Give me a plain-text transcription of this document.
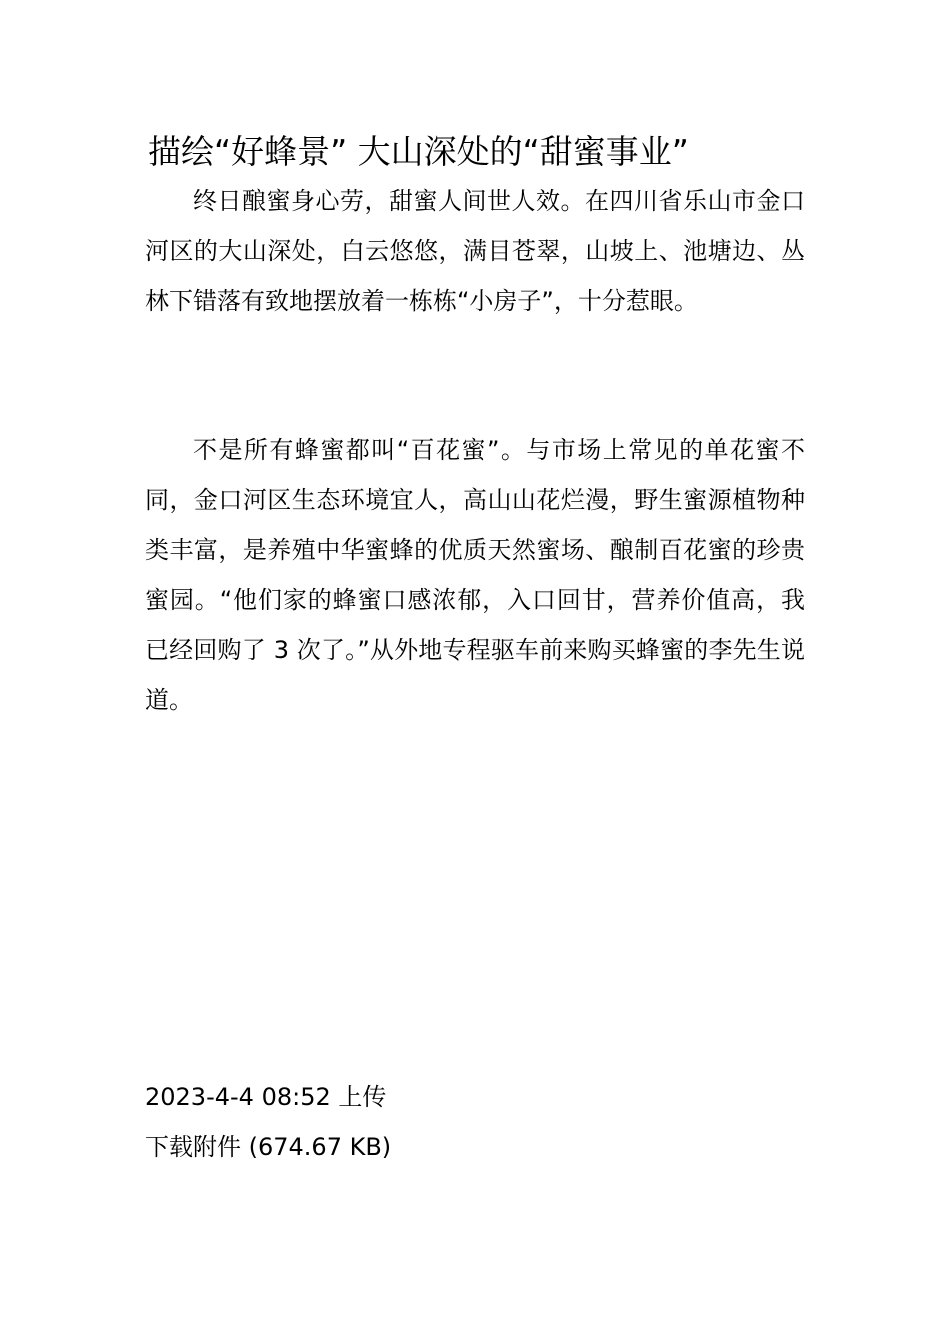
描绘“好蜂景” 大山深处的“甜蜜事业”

终日酿蜜身心劳，甜蜜人间世人效。在四川省乐山市金口河区的大山深处，白云悠悠，满目苍翠，山坡上、池塘边、丛林下错落有致地摆放着一栋栋“小房子”，十分惹眼。

不是所有蜂蜜都叫“百花蜜”。与市场上常见的单花蜜不同，金口河区生态环境宜人，高山山花烂漫，野生蜜源植物种类丰富，是养殖中华蜜蜂的优质天然蜜场、酿制百花蜜的珍贵蜜园。“他们家的蜂蜜口感浓郁，入口回甘，营养价值高，我已经回购了 3 次了。”从外地专程驱车前来购买蜂蜜的李先生说道。

2023-4-4 08:52 上传
下载附件 (674.67 KB)
